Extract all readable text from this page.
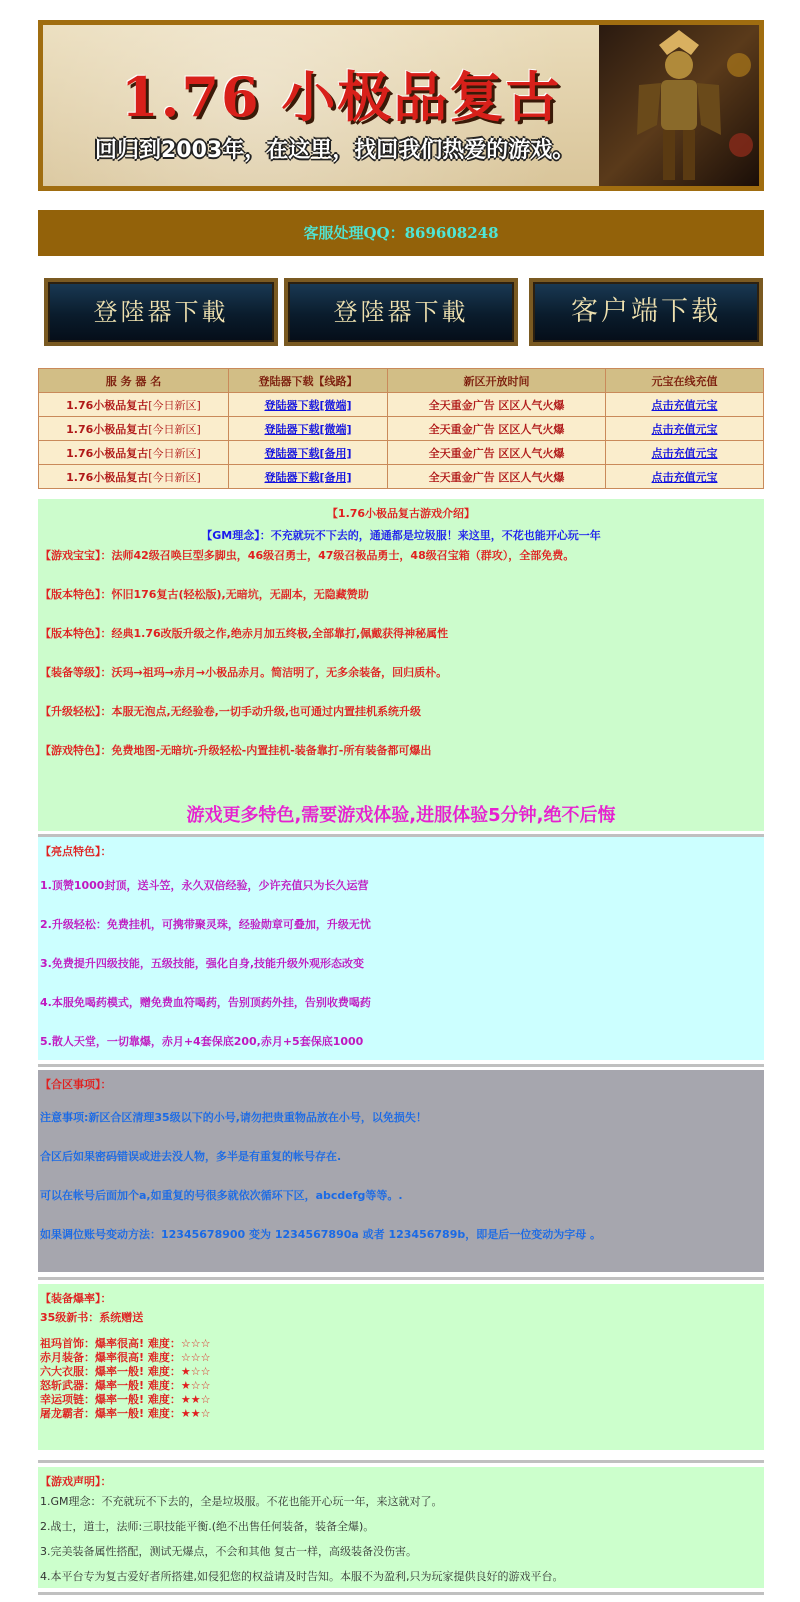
1.76 小极品复古
回归到2003年，在这里，找回我们热爱的游戏。
客服处理QQ：869608248
登陸器下載	登陸器下載	客户端下载
服 务 器 名	登陆器下载【线路】	新区开放时间	元宝在线充值
1.76小极品复古[今日新区]	登陆器下载[微端]	全天重金广告 区区人气火爆	点击充值元宝
1.76小极品复古[今日新区]	登陆器下载[微端]	全天重金广告 区区人气火爆	点击充值元宝
1.76小极品复古[今日新区]	登陆器下载[备用]	全天重金广告 区区人气火爆	点击充值元宝
1.76小极品复古[今日新区]	登陆器下载[备用]	全天重金广告 区区人气火爆	点击充值元宝
【1.76小极品复古游戏介绍】
【GM理念】：不充就玩不下去的，通通都是垃圾服！来这里，不花也能开心玩一年
【游戏宝宝】：法师42级召唤巨型多脚虫，46级召勇士，47级召极品勇士，48级召宝箱（群攻），全部免费。
【版本特色】：怀旧176复古(轻松版),无暗坑，无副本，无隐藏赞助
【版本特色】：经典1.76改版升级之作,绝赤月加五终极,全部靠打,佩戴获得神秘属性
【装备等级】：沃玛→祖玛→赤月→小极品赤月。简洁明了，无多余装备，回归质朴。
【升级轻松】：本服无泡点,无经验卷,一切手动升级,也可通过内置挂机系统升级
【游戏特色】：免费地图-无暗坑-升级轻松-内置挂机-装备靠打-所有装备都可爆出
游戏更多特色,需要游戏体验,进服体验5分钟,绝不后悔
【亮点特色】：
1.顶赞1000封顶，送斗笠，永久双倍经验，少许充值只为长久运营
2.升级轻松：免费挂机，可携带聚灵珠，经验勋章可叠加，升级无忧
3.免费提升四级技能，五级技能，强化自身,技能升级外观形态改变
4.本服免喝药模式，赠免费血符喝药，告别顶药外挂，告别收费喝药
5.散人天堂，一切靠爆，赤月+4套保底200,赤月+5套保底1000
【合区事项】：
注意事项:新区合区清理35级以下的小号,请勿把贵重物品放在小号，以免损失！
合区后如果密码错误或进去没人物，多半是有重复的帐号存在.
可以在帐号后面加个a,如重复的号很多就依次循环下区，abcdefg等等。.
如果调位账号变动方法：12345678900 变为 1234567890a 或者 123456789b，即是后一位变动为字母 。
【装备爆率】：
35级新书：系统赠送
祖玛首饰：爆率很高! 难度：☆☆☆
赤月装备：爆率很高! 难度：☆☆☆
六大衣服：爆率一般! 难度：★☆☆
怒斩武器：爆率一般! 难度：★☆☆
幸运项链：爆率一般! 难度：★★☆
屠龙霸者：爆率一般! 难度：★★☆
【游戏声明】：
1.GM理念：不充就玩不下去的，全是垃圾服。不花也能开心玩一年，来这就对了。
2.战士，道士，法师:三职技能平衡.(绝不出售任何装备，装备全爆)。
3.完美装备属性搭配，测试无爆点，不会和其他 复古一样，高级装备没伤害。
4.本平台专为复古爱好者所搭建,如侵犯您的权益请及时告知。本服不为盈利,只为玩家提供良好的游戏平台。
